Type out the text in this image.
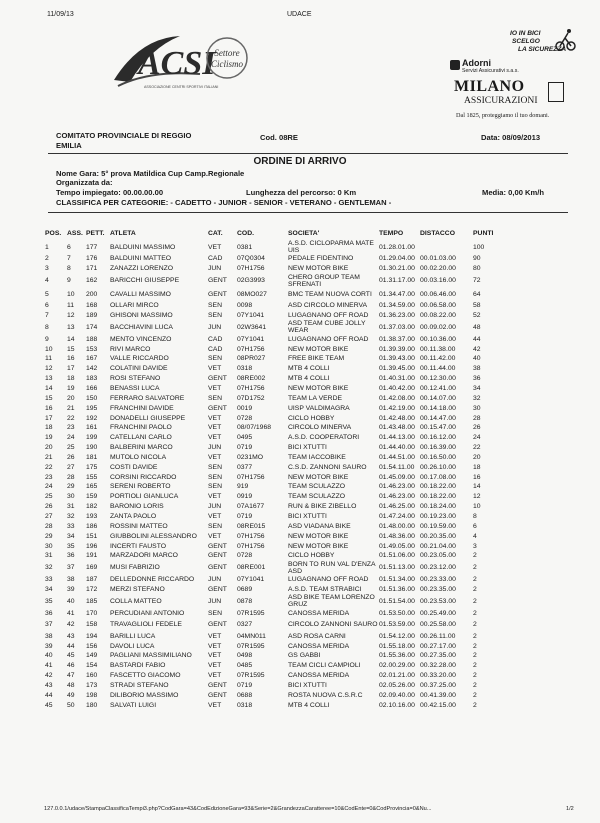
11/09/13	UDACE
ACSI
Settore
Ciclismo
ASSOCIAZIONE CENTRI SPORTIVI ITALIANI
IO IN BICI
SCELGO
LA SICUREZZA
Adorni
Servizi Assicurativi s.a.s.
MILANO
ASSICURAZIONI
Dal 1825, proteggiamo il tuo domani.
COMITATO PROVINCIALE DI REGGIO
EMILIA
Cod. 08RE	Data: 08/09/2013
ORDINE DI ARRIVO
Nome Gara: 5° prova Matildica Cup Camp.Regionale
Organizzata da:
Tempo impiegato: 00.00.00.00	Lunghezza del percorso: 0 Km	Media: 0,00 Km/h
CLASSIFICA PER CATEGORIE: - CADETTO - JUNIOR - SENIOR - VETERANO - GENTLEMAN -
POS.	ASS.	PETT.	ATLETA	CAT.	COD.	SOCIETA'	TEMPO	DISTACCO	PUNTI
1	6	177	BALDUINI MASSIMO	VET	0381	A.S.D. CICLOPARMA MATE UIS	01.28.01.00		100
2	7	176	BALDUINI MATTEO	CAD	07Q0304	PEDALE FIDENTINO	01.29.04.00	00.01.03.00	90
3	8	171	ZANAZZI LORENZO	JUN	07H1756	NEW MOTOR BIKE	01.30.21.00	00.02.20.00	80
4	9	162	BARICCHI GIUSEPPE	GENT	02G3993	CHERO GROUP TEAM SFRENATI	01.31.17.00	00.03.16.00	72
5	10	200	CAVALLI MASSIMO	GENT	08MO027	BMC TEAM NUOVA CORTI	01.34.47.00	00.06.46.00	64
6	11	168	OLLARI MIRCO	SEN	0098	ASD CIRCOLO MINERVA	01.34.59.00	00.06.58.00	58
7	12	189	GHISONI MASSIMO	SEN	07Y1041	LUGAGNANO OFF ROAD	01.36.23.00	00.08.22.00	52
8	13	174	BACCHIAVINI LUCA	JUN	02W3641	ASD TEAM CUBE JOLLY WEAR	01.37.03.00	00.09.02.00	48
9	14	188	MENTO VINCENZO	CAD	07Y1041	LUGAGNANO OFF ROAD	01.38.37.00	00.10.36.00	44
10	15	153	RIVI MARCO	CAD	07H1756	NEW MOTOR BIKE	01.39.39.00	00.11.38.00	42
11	16	167	VALLE RICCARDO	SEN	08PR027	FREE BIKE TEAM	01.39.43.00	00.11.42.00	40
12	17	142	COLATINI DAVIDE	VET	0318	MTB 4 COLLI	01.39.45.00	00.11.44.00	38
13	18	183	ROSI STEFANO	GENT	08RE002	MTB 4 COLLI	01.40.31.00	00.12.30.00	36
14	19	166	BENASSI LUCA	VET	07H1756	NEW MOTOR BIKE	01.40.42.00	00.12.41.00	34
15	20	150	FERRARO SALVATORE	SEN	07D1752	TEAM LA VERDE	01.42.08.00	00.14.07.00	32
16	21	195	FRANCHINI DAVIDE	GENT	0019	UISP VALDIMAGRA	01.42.19.00	00.14.18.00	30
17	22	192	DONADELLI GIUSEPPE	VET	0728	CICLO HOBBY	01.42.48.00	00.14.47.00	28
18	23	161	FRANCHINI PAOLO	VET	08/07/1968	CIRCOLO MINERVA	01.43.48.00	00.15.47.00	26
19	24	199	CATELLANI CARLO	VET	0495	A.S.D. COOPERATORI	01.44.13.00	00.16.12.00	24
20	25	190	BALBERINI MARCO	JUN	0719	BICI XTUTTI	01.44.40.00	00.16.39.00	22
21	26	181	MUTOLO NICOLA	VET	0231MO	TEAM IACCOBIKE	01.44.51.00	00.16.50.00	20
22	27	175	COSTI DAVIDE	SEN	0377	C.S.D. ZANNONI SAURO	01.54.11.00	00.26.10.00	18
23	28	155	CORSINI RICCARDO	SEN	07H1756	NEW MOTOR BIKE	01.45.09.00	00.17.08.00	16
24	29	165	SERENI ROBERTO	SEN	919	TEAM SCULAZZO	01.46.23.00	00.18.22.00	14
25	30	159	PORTIOLI GIANLUCA	VET	0919	TEAM SCULAZZO	01.46.23.00	00.18.22.00	12
26	31	182	BARONIO LORIS	JUN	07A1677	RUN & BIKE ZIBELLO	01.46.25.00	00.18.24.00	10
27	32	193	ZANTA PAOLO	VET	0719	BICI XTUTTI	01.47.24.00	00.19.23.00	8
28	33	186	ROSSINI MATTEO	SEN	08RE015	ASD VIADANA BIKE	01.48.00.00	00.19.59.00	6
29	34	151	GIUBBOLINI ALESSANDRO	VET	07H1756	NEW MOTOR BIKE	01.48.36.00	00.20.35.00	4
30	35	196	INCERTI FAUSTO	GENT	07H1756	NEW MOTOR BIKE	01.49.05.00	00.21.04.00	3
31	36	191	MARZADORI MARCO	GENT	0728	CICLO HOBBY	01.51.06.00	00.23.05.00	2
32	37	169	MUSI FABRIZIO	GENT	08RE001	BORN TO RUN VAL D'ENZA ASD	01.51.13.00	00.23.12.00	2
33	38	187	DELLEDONNE RICCARDO	JUN	07Y1041	LUGAGNANO OFF ROAD	01.51.34.00	00.23.33.00	2
34	39	172	MERZI STEFANO	GENT	0689	A.S.D. TEAM STRABICI	01.51.36.00	00.23.35.00	2
35	40	185	COLLA MATTEO	JUN	0878	ASD BIKE TEAM LORENZO GRUZ	01.51.54.00	00.23.53.00	2
36	41	170	PERCUDIANI ANTONIO	SEN	07R1595	CANOSSA MERIDA	01.53.50.00	00.25.49.00	2
37	42	158	TRAVAGLIOLI FEDELE	GENT	0327	CIRCOLO ZANNONI SAURO	01.53.59.00	00.25.58.00	2
38	43	194	BARILLI LUCA	VET	04MN011	ASD ROSA CARNI	01.54.12.00	00.26.11.00	2
39	44	156	DAVOLI LUCA	VET	07R1595	CANOSSA MERIDA	01.55.18.00	00.27.17.00	2
40	45	149	PAGLIANI MASSIMILIANO	VET	0498	GS GABBI	01.55.36.00	00.27.35.00	2
41	46	154	BASTARDI FABIO	VET	0485	TEAM CICLI CAMPIOLI	02.00.29.00	00.32.28.00	2
42	47	160	FASCETTO GIACOMO	VET	07R1595	CANOSSA MERIDA	02.01.21.00	00.33.20.00	2
43	48	173	STRADI STEFANO	GENT	0719	BICI XTUTTI	02.05.26.00	00.37.25.00	2
44	49	198	DILIBORIO MASSIMO	GENT	0688	ROSTA NUOVA C.S.R.C	02.09.40.00	00.41.39.00	2
45	50	180	SALVATI LUIGI	VET	0318	MTB 4 COLLI	02.10.16.00	00.42.15.00	2
127.0.0.1/udace/StampaClassificaTempi3.php?CodGara=43&CodEdizioneGara=93&Serie=2&GrandezzaCaratteree=10&CodEnte=0&CodProvincia=0&Nu...	1/2
